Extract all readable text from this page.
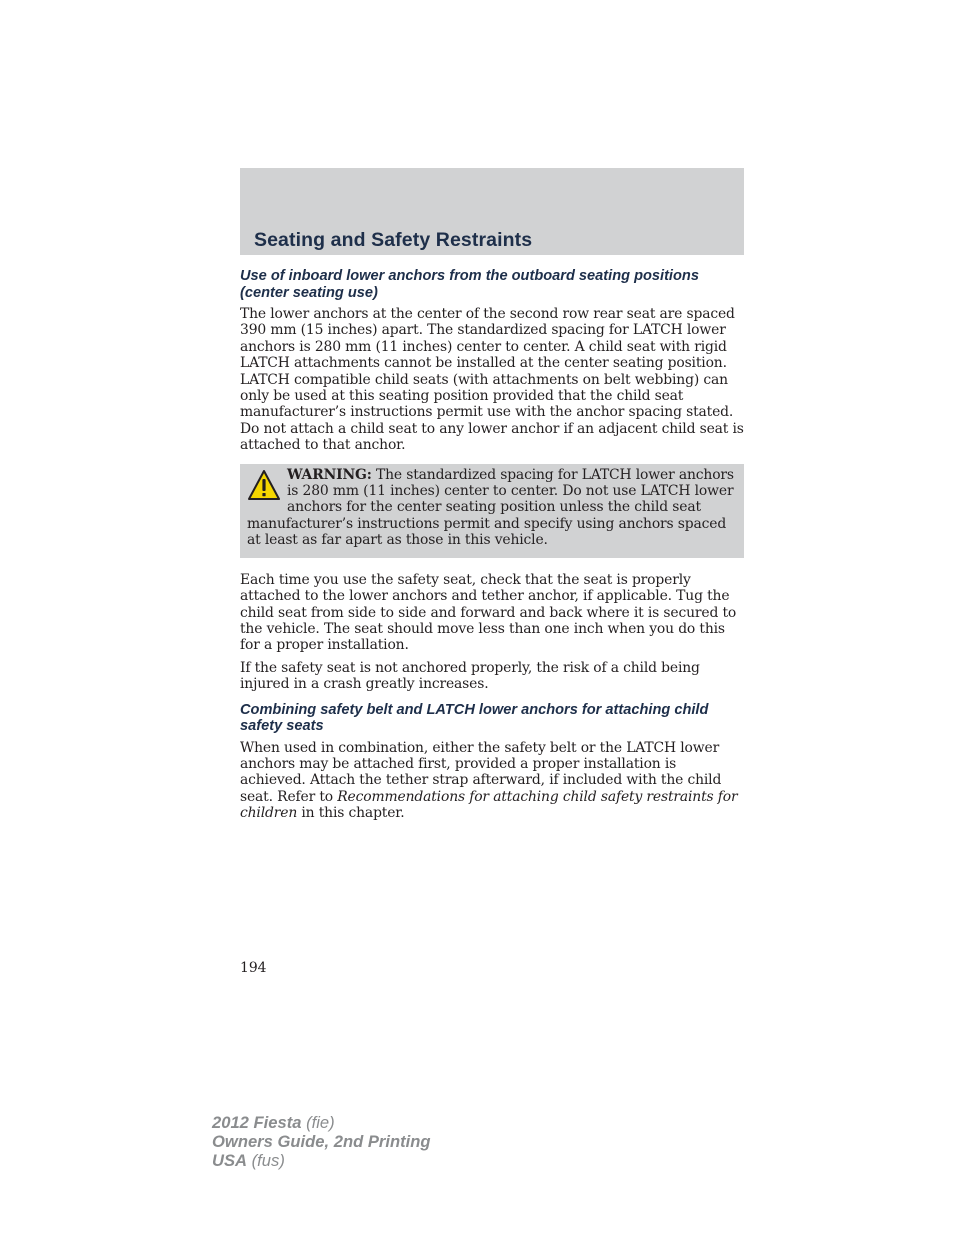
Seating and Safety Restraints
Use of inboard lower anchors from the outboard seating positions (center seating use)

The lower anchors at the center of the second row rear seat are spaced 390 mm (15 inches) apart. The standardized spacing for LATCH lower anchors is 280 mm (11 inches) center to center. A child seat with rigid LATCH attachments cannot be installed at the center seating position. LATCH compatible child seats (with attachments on belt webbing) can only be used at this seating position provided that the child seat manufacturer’s instructions permit use with the anchor spacing stated. Do not attach a child seat to any lower anchor if an adjacent child seat is attached to that anchor.

WARNING: The standardized spacing for LATCH lower anchors is 280 mm (11 inches) center to center. Do not use LATCH lower anchors for the center seating position unless the child seat manufacturer’s instructions permit and specify using anchors spaced at least as far apart as those in this vehicle.

Each time you use the safety seat, check that the seat is properly attached to the lower anchors and tether anchor, if applicable. Tug the child seat from side to side and forward and back where it is secured to the vehicle. The seat should move less than one inch when you do this for a proper installation.

If the safety seat is not anchored properly, the risk of a child being injured in a crash greatly increases.

Combining safety belt and LATCH lower anchors for attaching child safety seats

When used in combination, either the safety belt or the LATCH lower anchors may be attached first, provided a proper installation is achieved. Attach the tether strap afterward, if included with the child seat. Refer to Recommendations for attaching child safety restraints for children in this chapter.

194
2012 Fiesta (fie)
Owners Guide, 2nd Printing
USA (fus)
